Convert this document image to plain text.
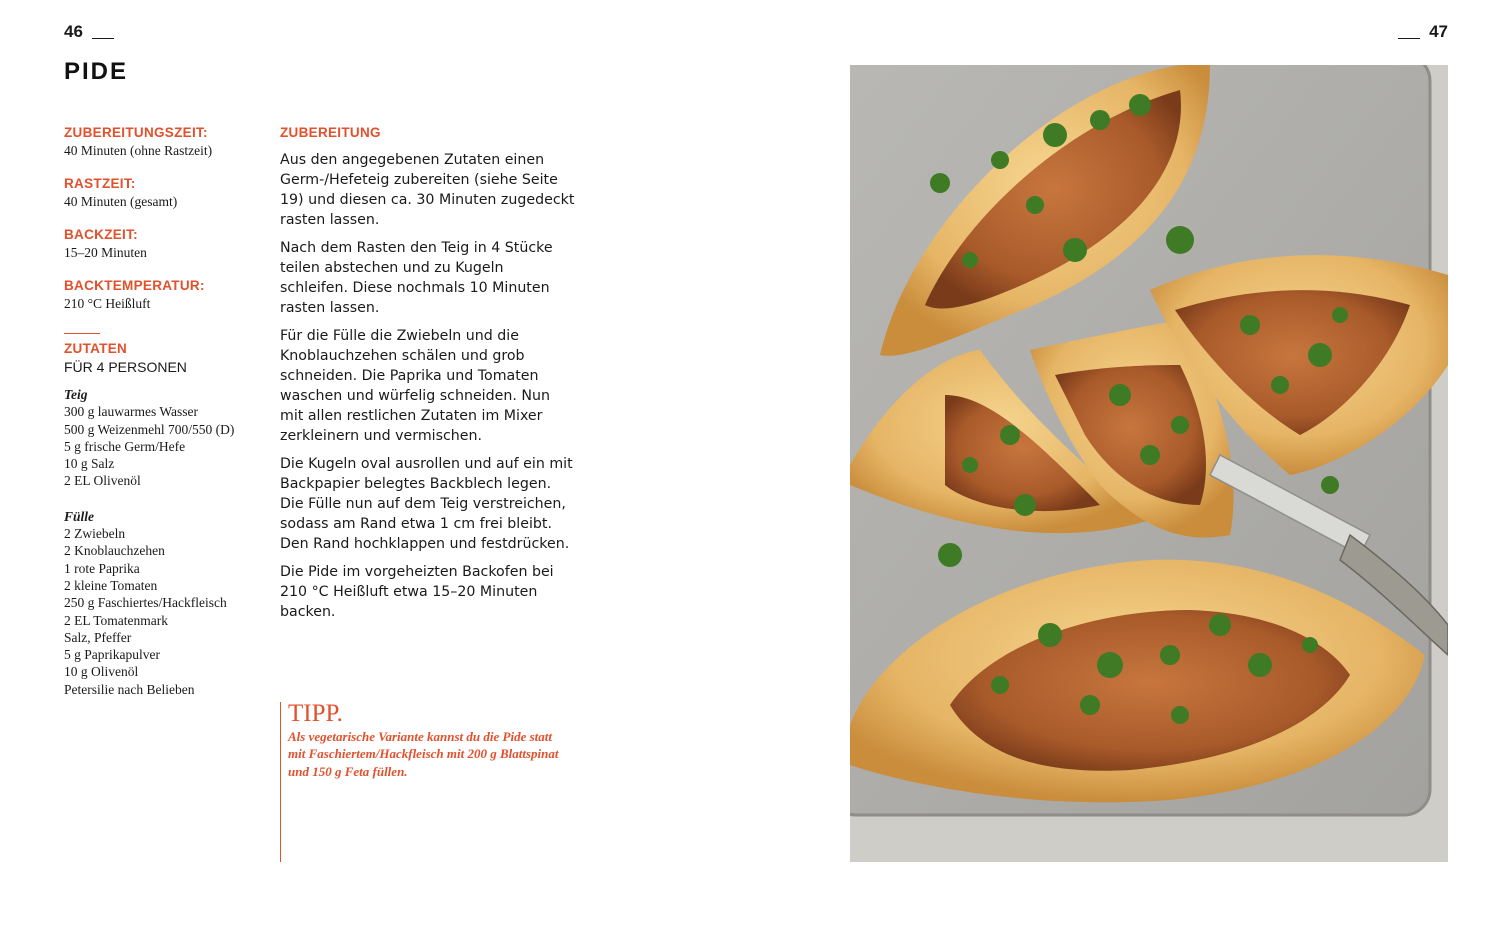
46	47
PIDE
ZUBEREITUNGSZEIT:
40 Minuten (ohne Rastzeit)
RASTZEIT:
40 Minuten (gesamt)
BACKZEIT:
15–20 Minuten
BACKTEMPERATUR:
210 °C Heißluft
ZUTATEN
FÜR 4 PERSONEN
Teig
300 g lauwarmes Wasser
500 g Weizenmehl 700/550 (D)
5 g frische Germ/Hefe
10 g Salz
2 EL Olivenöl
Fülle
2 Zwiebeln
2 Knoblauchzehen
1 rote Paprika
2 kleine Tomaten
250 g Faschiertes/Hackfleisch
2 EL Tomatenmark
Salz, Pfeffer
5 g Paprikapulver
10 g Olivenöl
Petersilie nach Belieben
ZUBEREITUNG

Aus den angegebenen Zutaten einen Germ-/Hefeteig zubereiten (siehe Seite 19) und diesen ca. 30 Minuten zugedeckt rasten lassen.

Nach dem Rasten den Teig in 4 Stücke teilen abstechen und zu Kugeln schleifen. Diese nochmals 10 Minuten rasten lassen.

Für die Fülle die Zwiebeln und die Knoblauchzehen schälen und grob schneiden. Die Paprika und Tomaten waschen und würfelig schneiden. Nun mit allen restlichen Zutaten im Mixer zerkleinern und vermischen.

Die Kugeln oval ausrollen und auf ein mit Backpapier belegtes Backblech legen. Die Fülle nun auf dem Teig verstreichen, sodass am Rand etwa 1 cm frei bleibt. Den Rand hochklappen und festdrücken.

Die Pide im vorgeheizten Backofen bei 210 °C Heißluft etwa 15–20 Minuten backen.

TIPP.
Als vegetarische Variante kannst du die Pide statt mit Faschiertem/Hackfleisch mit 200 g Blattspinat und 150 g Feta füllen.
